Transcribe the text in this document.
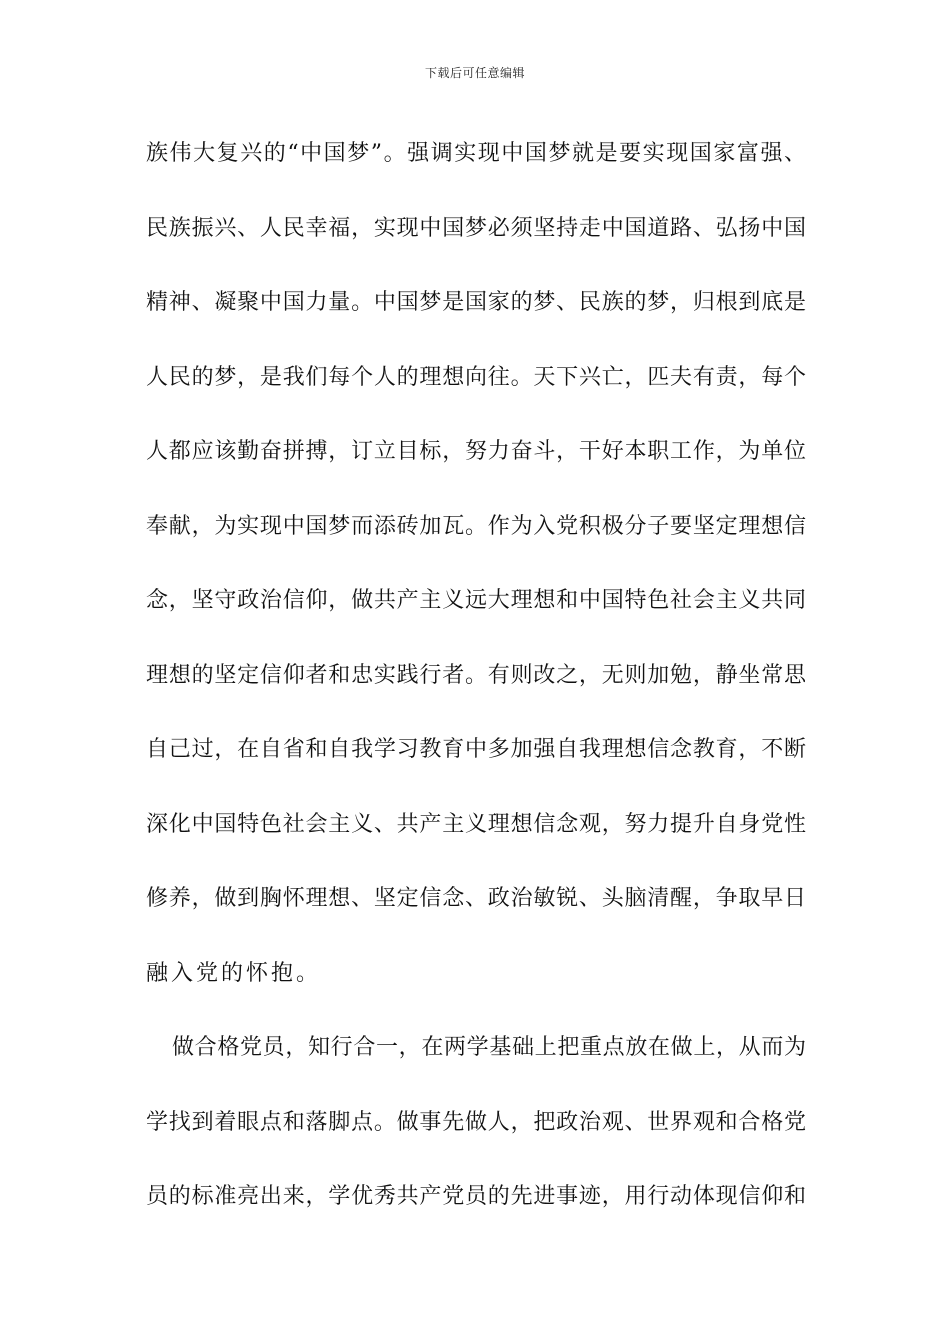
下载后可任意编辑
族伟大复兴的“中国梦”。强调实现中国梦就是要实现国家富强、
民族振兴、人民幸福，实现中国梦必须坚持走中国道路、弘扬中国
精神、凝聚中国力量。中国梦是国家的梦、民族的梦，归根到底是
人民的梦，是我们每个人的理想向往。天下兴亡，匹夫有责，每个
人都应该勤奋拼搏，订立目标，努力奋斗，干好本职工作，为单位
奉献，为实现中国梦而添砖加瓦。作为入党积极分子要坚定理想信
念，坚守政治信仰，做共产主义远大理想和中国特色社会主义共同
理想的坚定信仰者和忠实践行者。有则改之，无则加勉，静坐常思
自己过，在自省和自我学习教育中多加强自我理想信念教育，不断
深化中国特色社会主义、共产主义理想信念观，努力提升自身党性
修养，做到胸怀理想、坚定信念、政治敏锐、头脑清醒，争取早日
融入党的怀抱。
做合格党员，知行合一，在两学基础上把重点放在做上，从而为
学找到着眼点和落脚点。做事先做人，把政治观、世界观和合格党
员的标准亮出来，学优秀共产党员的先进事迹，用行动体现信仰和
